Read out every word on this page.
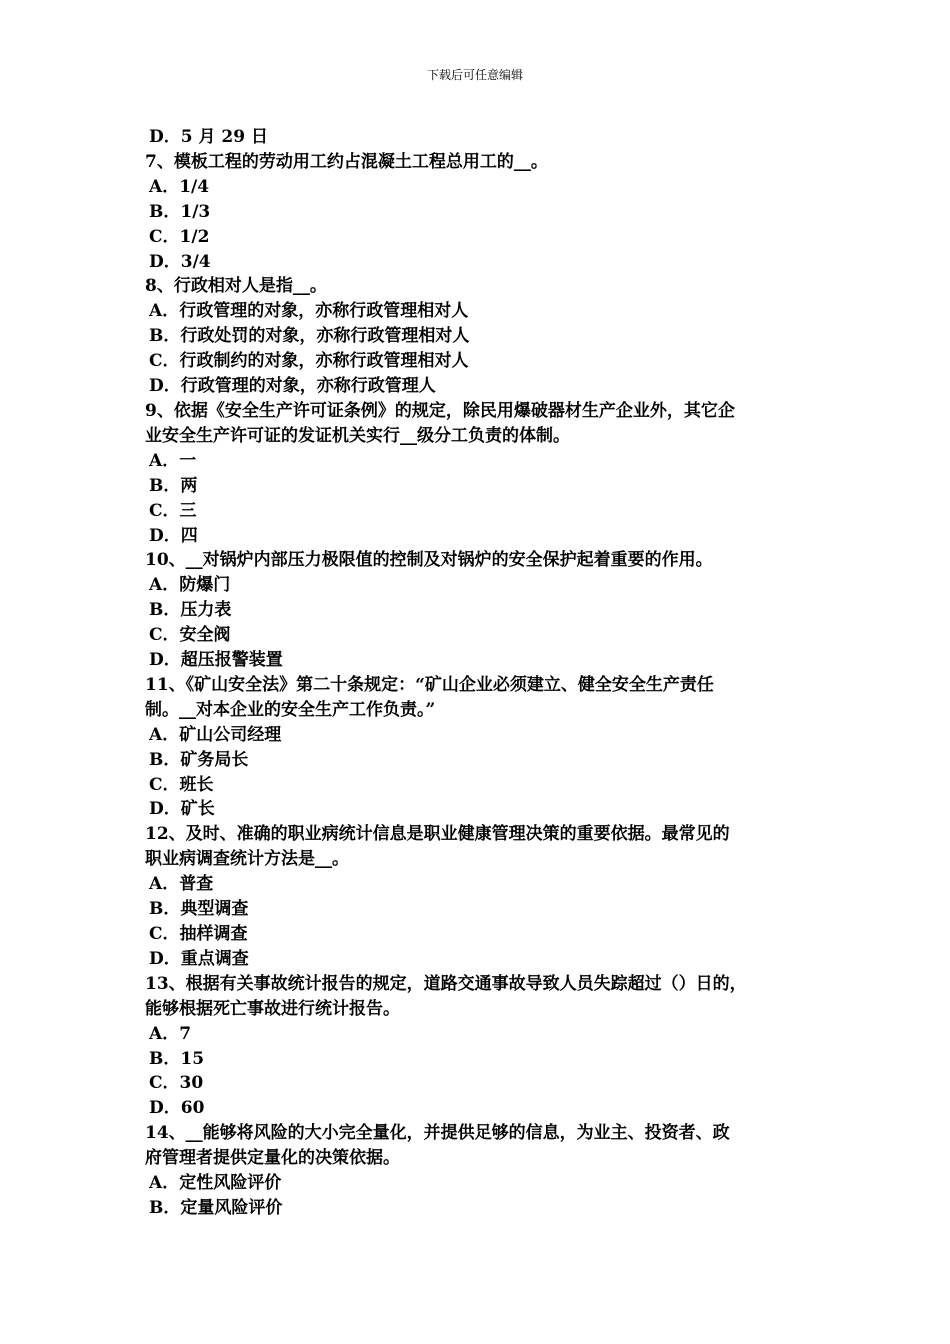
下载后可任意编辑

D．5 月 29 日

7、模板工程的劳动用工约占混凝土工程总用工的__。

A．1/4

B．1/3

C．1/2

D．3/4

8、行政相对人是指__。

A．行政管理的对象，亦称行政管理相对人

B．行政处罚的对象，亦称行政管理相对人

C．行政制约的对象，亦称行政管理相对人

D．行政管理的对象，亦称行政管理人

9、依据《安全生产许可证条例》的规定，除民用爆破器材生产企业外，其它企

业安全生产许可证的发证机关实行__级分工负责的体制。

A．一

B．两

C．三

D．四

10、__对锅炉内部压力极限值的控制及对锅炉的安全保护起着重要的作用。

A．防爆门

B．压力表

C．安全阀

D．超压报警装置

11、《矿山安全法》第二十条规定：“矿山企业必须建立、健全安全生产责任

制。__对本企业的安全生产工作负责。”

A．矿山公司经理

B．矿务局长

C．班长

D．矿长

12、及时、准确的职业病统计信息是职业健康管理决策的重要依据。最常见的

职业病调查统计方法是__。

A．普查

B．典型调查

C．抽样调查

D．重点调查

13、根据有关事故统计报告的规定，道路交通事故导致人员失踪超过（）日的，

能够根据死亡事故进行统计报告。

A．7

B．15

C．30

D．60

14、__能够将风险的大小完全量化，并提供足够的信息，为业主、投资者、政

府管理者提供定量化的决策依据。

A．定性风险评价

B．定量风险评价
